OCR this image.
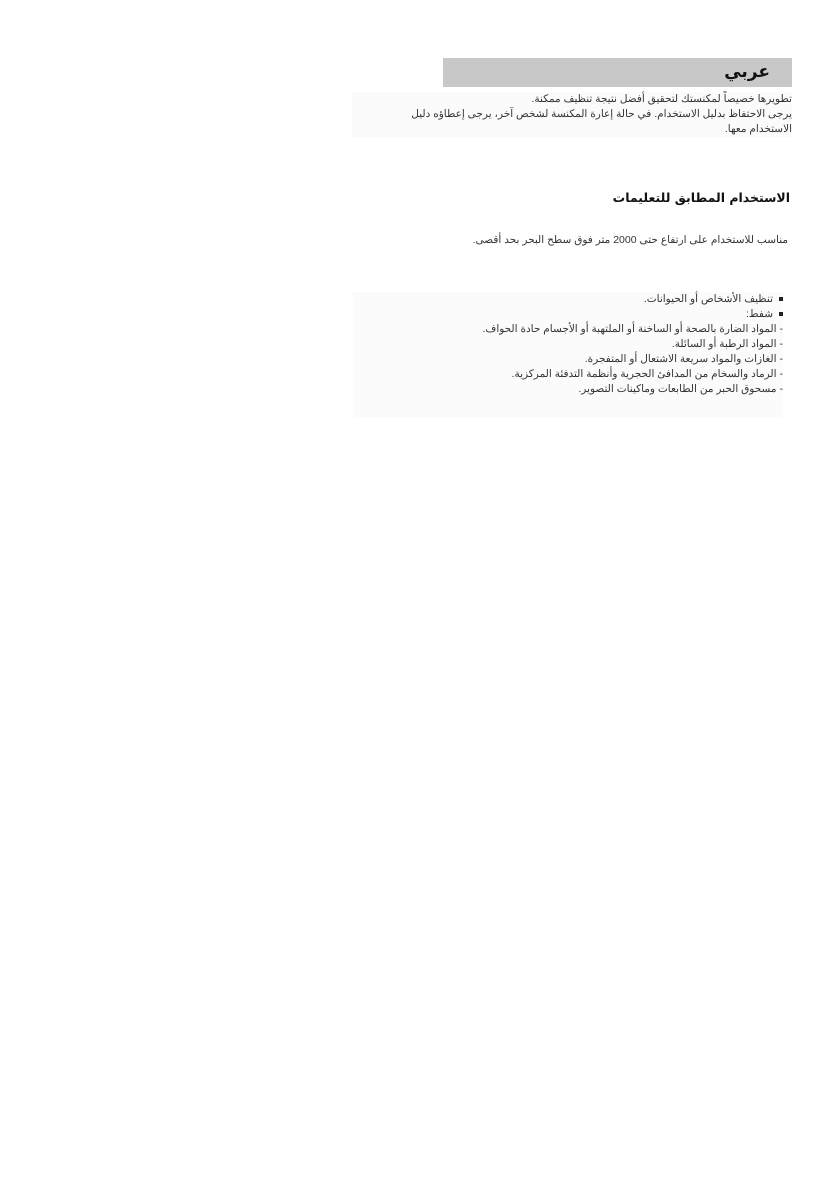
عربي

تطويرها خصيصاً لمكنستك لتحقيق أفضل نتيجة تنظيف ممكنة.

يرجى الاحتفاظ بدليل الاستخدام. في حالة إعارة المكنسة لشخص آخر، يرجى إعطاؤه دليل

الاستخدام معها.

الاستخدام المطابق للتعليمات
مناسب للاستخدام على ارتفاع حتى 2000 متر فوق سطح البحر بحد أقصى.
تنظيف الأشخاص أو الحيوانات.
شفط:
-المواد الضارة بالصحة أو الساخنة أو الملتهبة أو الأجسام حادة الحواف.
-المواد الرطبة أو السائلة.
-الغازات والمواد سريعة الاشتعال أو المتفجرة.
-الرماد والسخام من المدافئ الحجرية وأنظمة التدفئة المركزية.
-مسحوق الحبر من الطابعات وماكينات التصوير.
